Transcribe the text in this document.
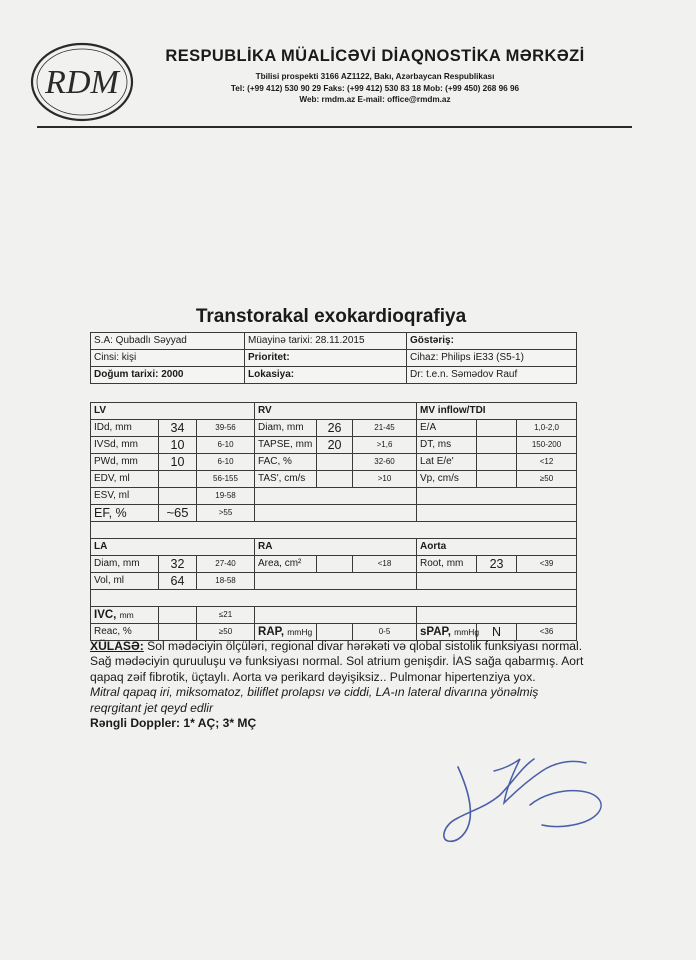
RDM
RESPUBLİKA MÜALİCƏVİ DİAQNOSTİKA MƏRKƏZİ
Tbilisi prospekti 3166 AZ1122, Bakı, Azərbaycan Respublikası
Tel: (+99 412) 530 90 29 Faks: (+99 412) 530 83 18 Mob: (+99 450) 268 96 96
Web: rmdm.az E-mail: office@rmdm.az
Transtorakal exokardioqrafiya
S.A: Qubadlı Səyyad	Müayinə tarixi: 28.11.2015	Göstəriş:
Cinsi: kişi	Prioritet:	Cihaz: Philips iE33 (S5-1)
Doğum tarixi: 2000	Lokasiya:	Dr: t.e.n. Səmədov Rauf
LV			RV			MV inflow/TDI		
IDd, mm	34	39-56	Diam, mm	26	21-45	E/A		1,0-2,0
IVSd, mm	10	6-10	TAPSE, mm	20	>1,6	DT, ms		150-200
PWd, mm	10	6-10	FAC, %		32-60	Lat E/e'		<12
EDV, ml		56-155	TAS', cm/s		>10	Vp, cm/s		≥50
ESV, ml		19-58						
EF, %	~65	>55						

LA			RA			Aorta		
Diam, mm	32	27-40	Area, cm²		<18	Root, mm	23	<39
Vol, ml	64	18-58						

IVC, mm		≤21						
Reac, %		≥50	RAP, mmHg		0-5	sPAP, mmHg	N	<36
XÜLASƏ: Sol mədəciyin ölçüləri, regional divar hərəkəti və qlobal sistolik funksiyası normal. Sağ mədəciyin quruuluşu və funksiyası normal. Sol atrium genişdir. İAS sağa qabarmış. Aort qapaq zəif fibrotik, üçtaylı. Aorta və perikard dəyişiksiz.. Pulmonar hipertenziya yox.
Mitral qapaq iri, miksomatoz, biliflet prolapsı və ciddi, LA-ın lateral divarına yönəlmiş reqrgitant jet qeyd edlir
Rəngli Doppler: 1* AÇ; 3* MÇ
